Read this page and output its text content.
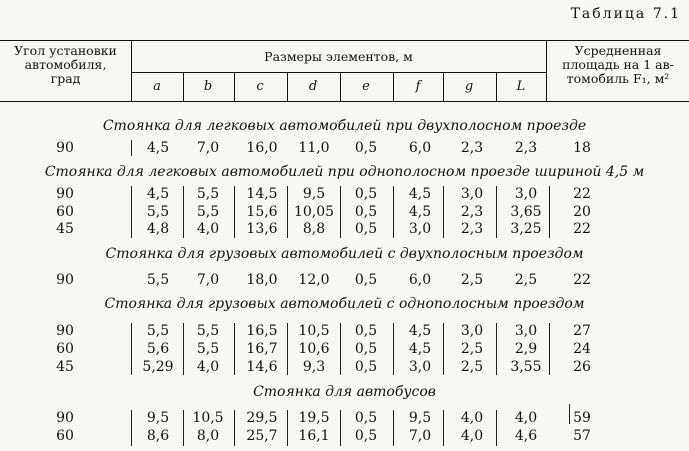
Таблица 7.1
Угол установки
автомобиля,
град
Размеры элементов, м	Усредненная
площадь на 1 ав-
томобиль F₁, м²
a	b	c	d	e	f	g	L
Стоянка для легковых автомобилей при двухполосном проезде
90	4,5	7,0	16,0	11,0	0,5	6,0	2,3	2,3	18
Стоянка для легковых автомобилей при однополосном проезде шириной 4,5 м
90	4,5	5,5	14,5	9,5	0,5	4,5	3,0	3,0	22
60	5,5	5,5	15,6	10,05	0,5	4,5	2,3	3,65	20
45	4,8	4,0	13,6	8,8	0,5	3,0	2,3	3,25	22
Стоянка для грузовых автомобилей с двухполосным проездом
90	5,5	7,0	18,0	12,0	0,5	6,0	2,5	2,5	22
Стоянка для грузовых автомобилей с однополосным проездом
90	5,5	5,5	16,5	10,5	0,5	4,5	3,0	3,0	27
60	5,6	5,5	16,7	10,6	0,5	4,5	2,5	2,9	24
45	5,29	4,0	14,6	9,3	0,5	3,0	2,5	3,55	26
Стоянка для автобусов
90	9,5	10,5	29,5	19,5	0,5	9,5	4,0	4,0	59
60	8,6	8,0	25,7	16,1	0,5	7,0	4,0	4,6	57
